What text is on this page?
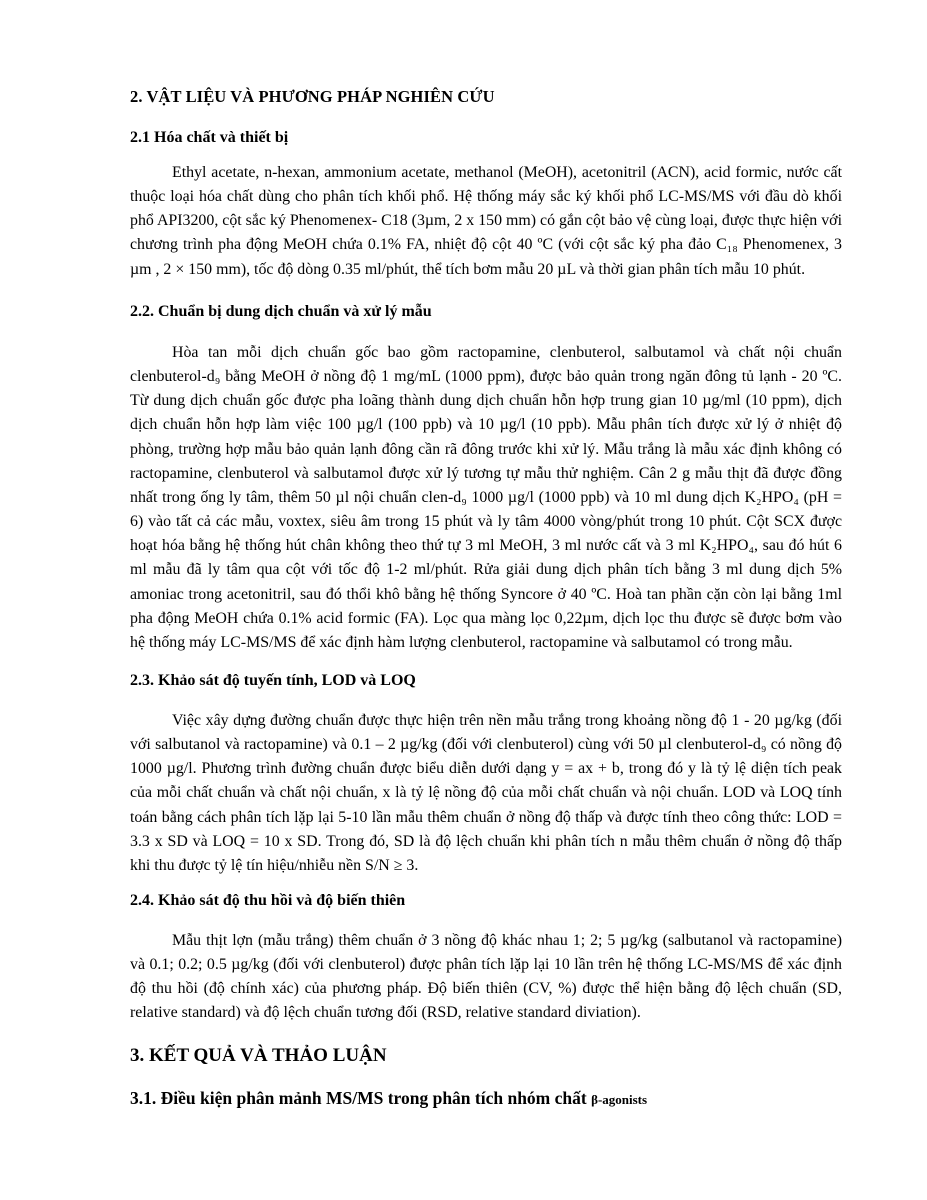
2. VẬT LIỆU VÀ PHƯƠNG PHÁP NGHIÊN CỨU
2.1 Hóa chất và thiết bị

Ethyl acetate, n-hexan, ammonium acetate, methanol (MeOH), acetonitril (ACN), acid formic, nước cất thuộc loại hóa chất dùng cho phân tích khối phổ. Hệ thống máy sắc ký khối phổ LC-MS/MS với đầu dò khối phổ API3200, cột sắc ký Phenomenex- C18 (3µm, 2 x 150 mm) có gắn cột bảo vệ cùng loại, được thực hiện với chương trình pha động MeOH chứa 0.1% FA, nhiệt độ cột 40 ºC (với cột sắc ký pha đảo C₁₈ Phenomenex, 3 µm , 2 × 150 mm), tốc độ dòng 0.35 ml/phút, thể tích bơm mẫu 20 µL và thời gian phân tích mẫu 10 phút.

2.2. Chuẩn bị dung dịch chuẩn và xử lý mẫu

Hòa tan mỗi dịch chuẩn gốc bao gồm ractopamine, clenbuterol, salbutamol và chất nội chuẩn clenbuterol-d₉ bằng MeOH ở nồng độ 1 mg/mL (1000 ppm), được bảo quản trong ngăn đông tủ lạnh - 20 ºC. Từ dung dịch chuẩn gốc được pha loãng thành dung dịch chuẩn hỗn hợp trung gian 10 µg/ml (10 ppm), dịch dịch chuẩn hỗn hợp làm việc 100 µg/l (100 ppb) và 10 µg/l (10 ppb). Mẫu phân tích được xử lý ở nhiệt độ phòng, trường hợp mẫu bảo quản lạnh đông cần rã đông trước khi xử lý. Mẫu trắng là mẫu xác định không có ractopamine, clenbuterol và salbutamol được xử lý tương tự mẫu thử nghiệm. Cân 2 g mẫu thịt đã được đồng nhất trong ống ly tâm, thêm 50 µl nội chuẩn clen-d₉ 1000 µg/l (1000 ppb) và 10 ml dung dịch K₂HPO₄ (pH = 6) vào tất cả các mẫu, voxtex, siêu âm trong 15 phút và ly tâm 4000 vòng/phút trong 10 phút. Cột SCX được hoạt hóa bằng hệ thống hút chân không theo thứ tự 3 ml MeOH, 3 ml nước cất và 3 ml K₂HPO₄, sau đó hút 6 ml mẫu đã ly tâm qua cột với tốc độ 1-2 ml/phút. Rửa giải dung dịch phân tích bằng 3 ml dung dịch 5% amoniac trong acetonitril, sau đó thổi khô bằng hệ thống Syncore ở 40 ºC. Hoà tan phần cặn còn lại bằng 1ml pha động MeOH chứa 0.1% acid formic (FA). Lọc qua màng lọc 0,22µm, dịch lọc thu được sẽ được bơm vào hệ thống máy LC-MS/MS để xác định hàm lượng clenbuterol, ractopamine và salbutamol có trong mẫu.

2.3. Khảo sát độ tuyến tính, LOD và LOQ

Việc xây dựng đường chuẩn được thực hiện trên nền mẫu trắng trong khoảng nồng độ 1 - 20 µg/kg (đối với salbutanol và ractopamine) và 0.1 – 2 µg/kg (đối với clenbuterol) cùng với 50 µl clenbuterol-d₉ có nồng độ 1000 µg/l. Phương trình đường chuẩn được biểu diễn dưới dạng y = ax + b, trong đó y là tỷ lệ diện tích peak của mỗi chất chuẩn và chất nội chuẩn, x là tỷ lệ nồng độ của mỗi chất chuẩn và nội chuẩn. LOD và LOQ tính toán bằng cách phân tích lặp lại 5-10 lần mẫu thêm chuẩn ở nồng độ thấp và được tính theo công thức: LOD = 3.3 x SD và LOQ = 10 x SD. Trong đó, SD là độ lệch chuẩn khi phân tích n mẫu thêm chuẩn ở nồng độ thấp khi thu được tỷ lệ tín hiệu/nhiễu nền S/N ≥ 3.

2.4. Khảo sát độ thu hồi và độ biến thiên

Mẫu thịt lợn (mẫu trắng) thêm chuẩn ở 3 nồng độ khác nhau 1; 2; 5 µg/kg (salbutanol và ractopamine) và 0.1; 0.2; 0.5 µg/kg (đối với clenbuterol) được phân tích lặp lại 10 lần trên hệ thống LC-MS/MS để xác định độ thu hồi (độ chính xác) của phương pháp. Độ biến thiên (CV, %) được thể hiện bằng độ lệch chuẩn (SD, relative standard) và độ lệch chuẩn tương đối (RSD, relative standard diviation).

3. KẾT QUẢ VÀ THẢO LUẬN
3.1. Điều kiện phân mảnh MS/MS trong phân tích nhóm chất β-agonists
